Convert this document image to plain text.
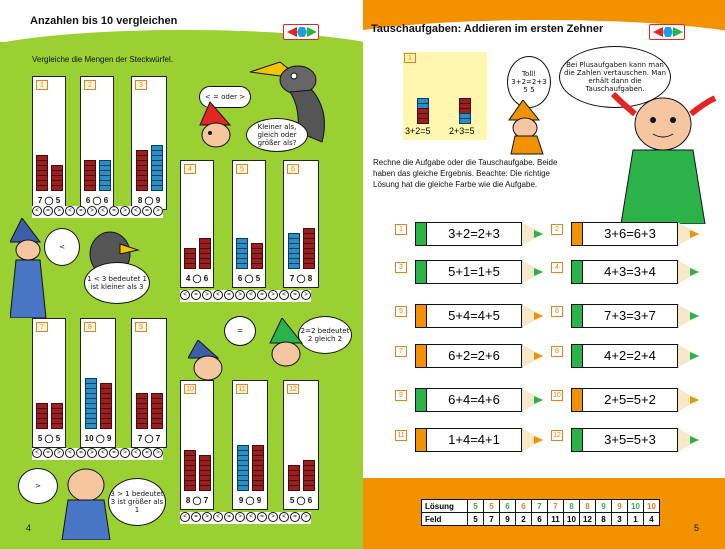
Anzahlen bis 10 vergleichen
Vergleiche die Mengen der Steckwürfel.
1
7 ◯ 5
2
6 ◯ 6
3
8 ◯ 9
<	=	>	<	=	>	<	=	>	<	=	>
<
=
oder
>
Kleiner als, gleich oder größer als?
4
4 ◯ 6
5
6 ◯ 5
6
7 ◯ 8
<	=	>	<	=	>	<	=	>	<	=	>
<
1 < 3 bedeutet 1 ist kleiner als 3
7
5 ◯ 5
8
10 ◯ 9
9
7 ◯ 7
<	=	>	<	=	>	<	=	>	<	=	>
=	2=2 bedeutet 2 gleich 2
10
8 ◯ 7
11
9 ◯ 9
12
5 ◯ 6
<	=	>	<	=	>	<	=	>	<	=	>
>
3 > 1 bedeutet 3 ist größer als 1
4
Tauschaufgaben: Addieren im ersten Zehner
1
3+2=5 2+3=5
Toll! 3+2=2+3 5 5
Bei Plusaufgaben kann man die Zahlen vertauschen. Man erhält dann die Tauschaufgaben.
Rechne die Aufgabe oder die Tauschaufgabe. Beide haben das gleiche Ergebnis. Beachte: Die richtige Lösung hat die gleiche Farbe wie die Aufgabe.
1	3+2=2+3	2	3+6=6+3
3	5+1=1+5	4	4+3=3+4
5	5+4=4+5	6	7+3=3+7
7	6+2=2+6	8	4+2=2+4
9	6+4=4+6	10	2+5=5+2
11	1+4=4+1	12	3+5=5+3
Lösung	5	5	6	6	7	7	8	8	9	9	10	10
Feld	5	7	9	2	6	11	10	12	8	3	1	4
5
